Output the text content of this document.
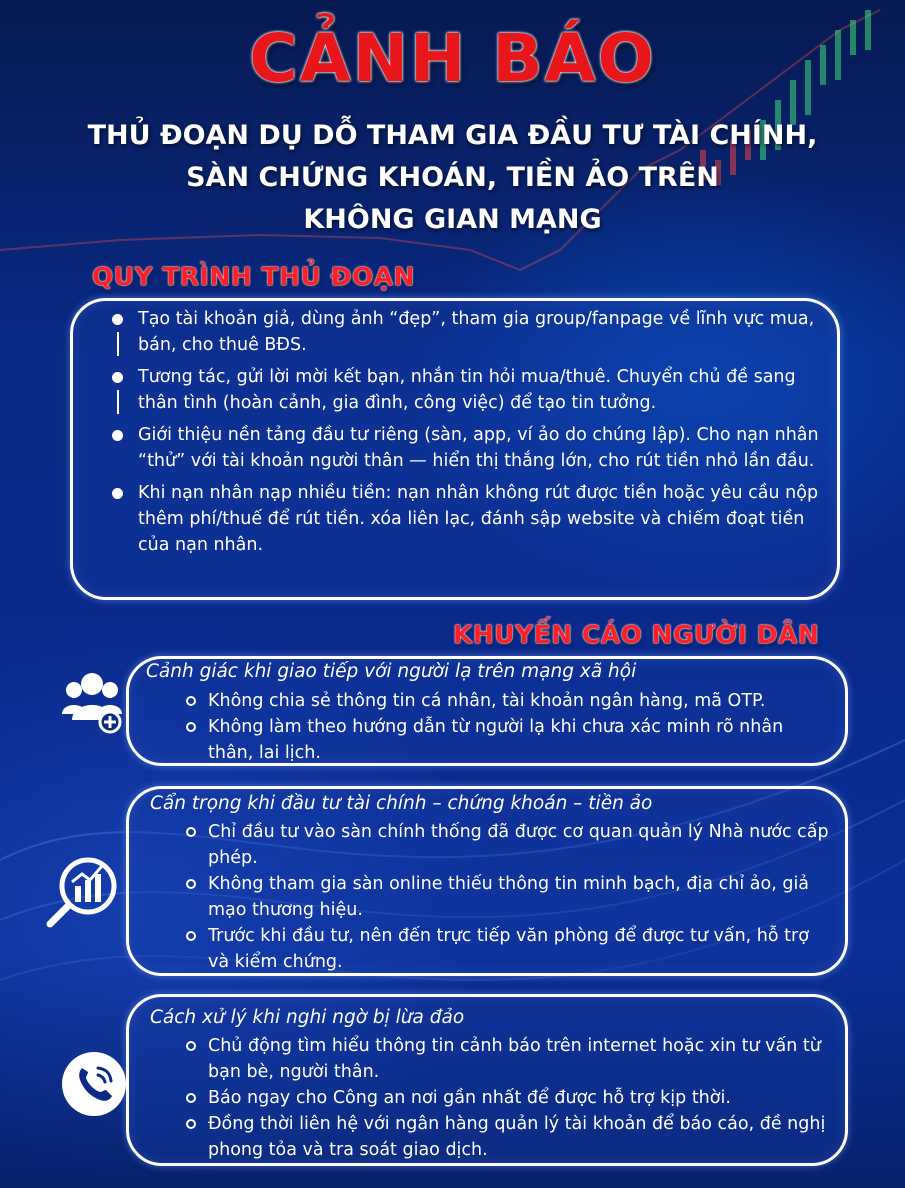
CẢNH BÁO
THỦ ĐOẠN DỤ DỖ THAM GIA ĐẦU TƯ TÀI CHÍNH,
SÀN CHỨNG KHOÁN, TIỀN ẢO TRÊN
KHÔNG GIAN MẠNG
QUY TRÌNH THỦ ĐOẠN
Tạo tài khoản giả, dùng ảnh “đẹp”, tham gia group/fanpage về lĩnh vực mua, bán, cho thuê BĐS.
Tương tác, gửi lời mời kết bạn, nhắn tin hỏi mua/thuê. Chuyển chủ đề sang thân tình (hoàn cảnh, gia đình, công việc) để tạo tin tưởng.
Giới thiệu nền tảng đầu tư riêng (sàn, app, ví ảo do chúng lập). Cho nạn nhân “thử” với tài khoản người thân — hiển thị thắng lớn, cho rút tiền nhỏ lần đầu.
Khi nạn nhân nạp nhiều tiền: nạn nhân không rút được tiền hoặc yêu cầu nộp thêm phí/thuế để rút tiền. xóa liên lạc, đánh sập website và chiếm đoạt tiền của nạn nhân.
KHUYẾN CÁO NGƯỜI DÂN
Cảnh giác khi giao tiếp với người lạ trên mạng xã hội
Không chia sẻ thông tin cá nhân, tài khoản ngân hàng, mã OTP.
Không làm theo hướng dẫn từ người lạ khi chưa xác minh rõ nhân thân, lai lịch.
Cẩn trọng khi đầu tư tài chính – chứng khoán – tiền ảo
Chỉ đầu tư vào sàn chính thống đã được cơ quan quản lý Nhà nước cấp phép.
Không tham gia sàn online thiếu thông tin minh bạch, địa chỉ ảo, giả mạo thương hiệu.
Trước khi đầu tư, nên đến trực tiếp văn phòng để được tư vấn, hỗ trợ và kiểm chứng.
Cách xử lý khi nghi ngờ bị lừa đảo
Chủ động tìm hiểu thông tin cảnh báo trên internet hoặc xin tư vấn từ bạn bè, người thân.
Báo ngay cho Công an nơi gần nhất để được hỗ trợ kịp thời.
Đồng thời liên hệ với ngân hàng quản lý tài khoản để báo cáo, đề nghị phong tỏa và tra soát giao dịch.
